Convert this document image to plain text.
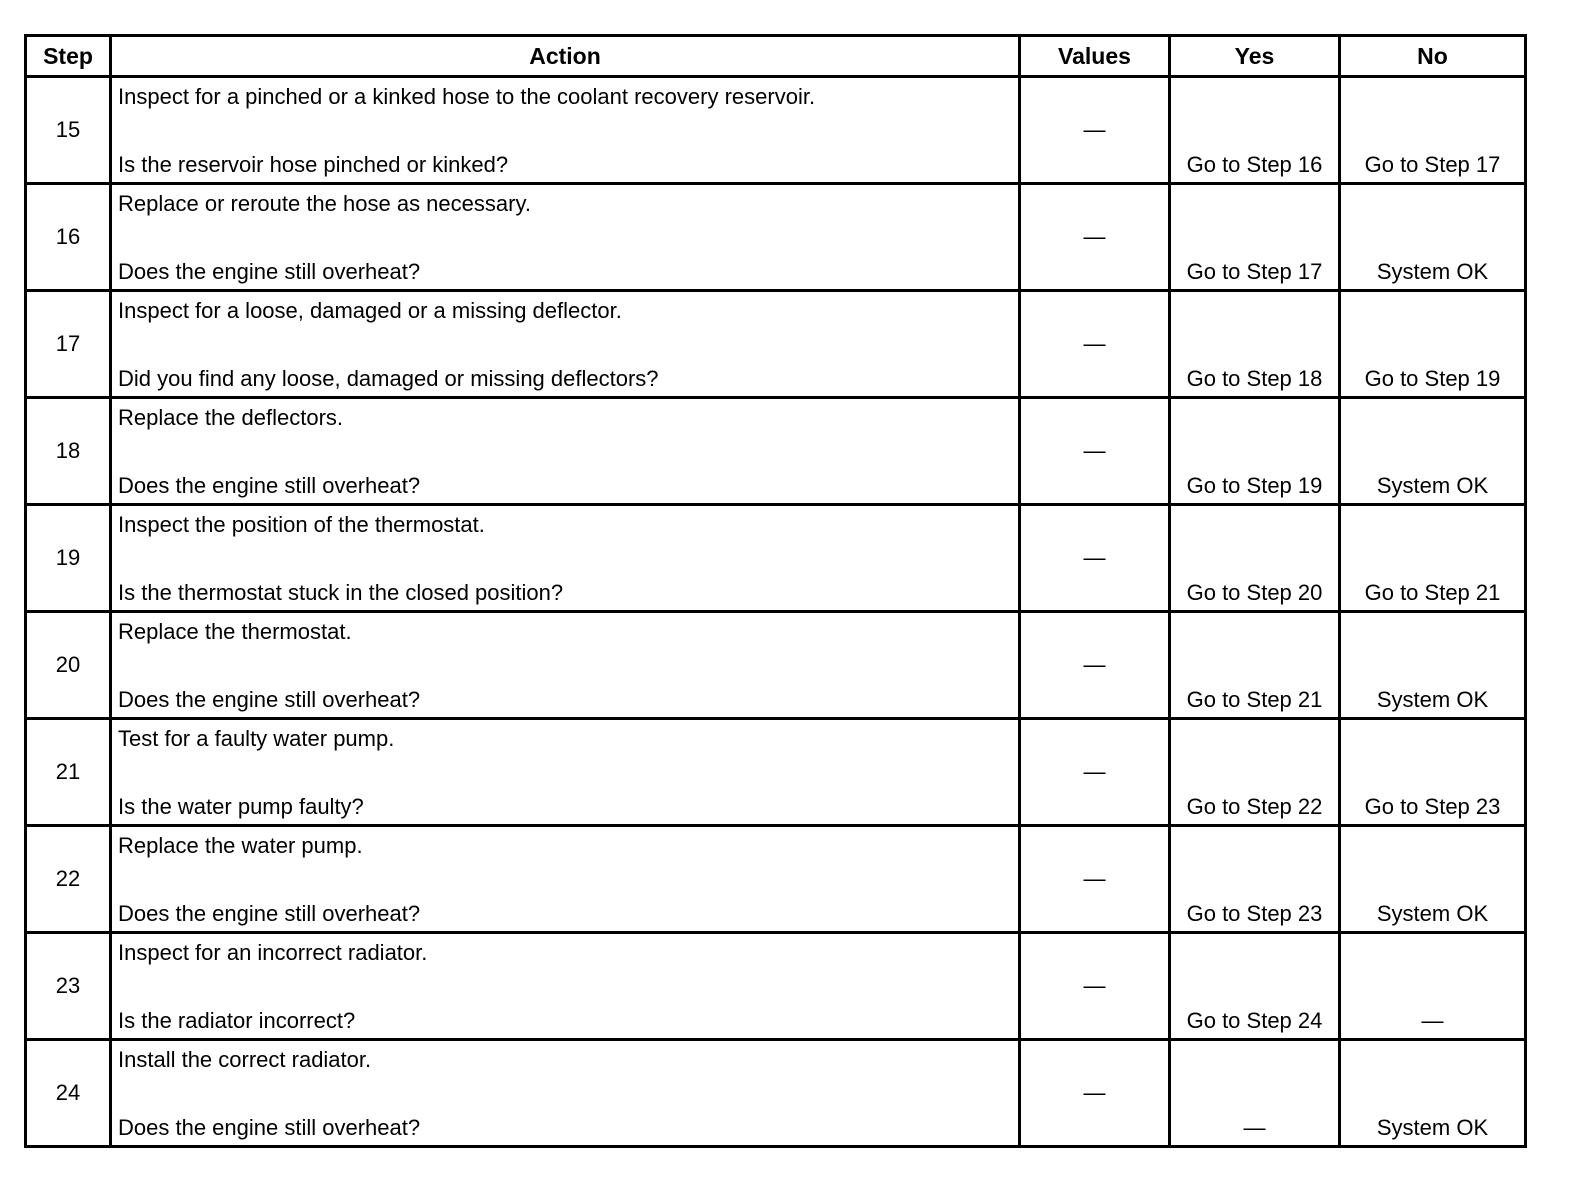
Step	Action	Values	Yes	No
15	Inspect for a pinched or a kinked hose to the coolant recovery reservoir.
Is the reservoir hose pinched or kinked?	—	Go to Step 16	Go to Step 17

16	Replace or reroute the hose as necessary.
Does the engine still overheat?	—	Go to Step 17	System OK

17	Inspect for a loose, damaged or a missing deflector.
Did you find any loose, damaged or missing deflectors?	—	Go to Step 18	Go to Step 19

18	Replace the deflectors.
Does the engine still overheat?	—	Go to Step 19	System OK

19	Inspect the position of the thermostat.
Is the thermostat stuck in the closed position?	—	Go to Step 20	Go to Step 21

20	Replace the thermostat.
Does the engine still overheat?	—	Go to Step 21	System OK

21	Test for a faulty water pump.
Is the water pump faulty?	—	Go to Step 22	Go to Step 23

22	Replace the water pump.
Does the engine still overheat?	—	Go to Step 23	System OK

23	Inspect for an incorrect radiator.
Is the radiator incorrect?	—	Go to Step 24	—

24	Install the correct radiator.
Does the engine still overheat?	—	—	System OK
